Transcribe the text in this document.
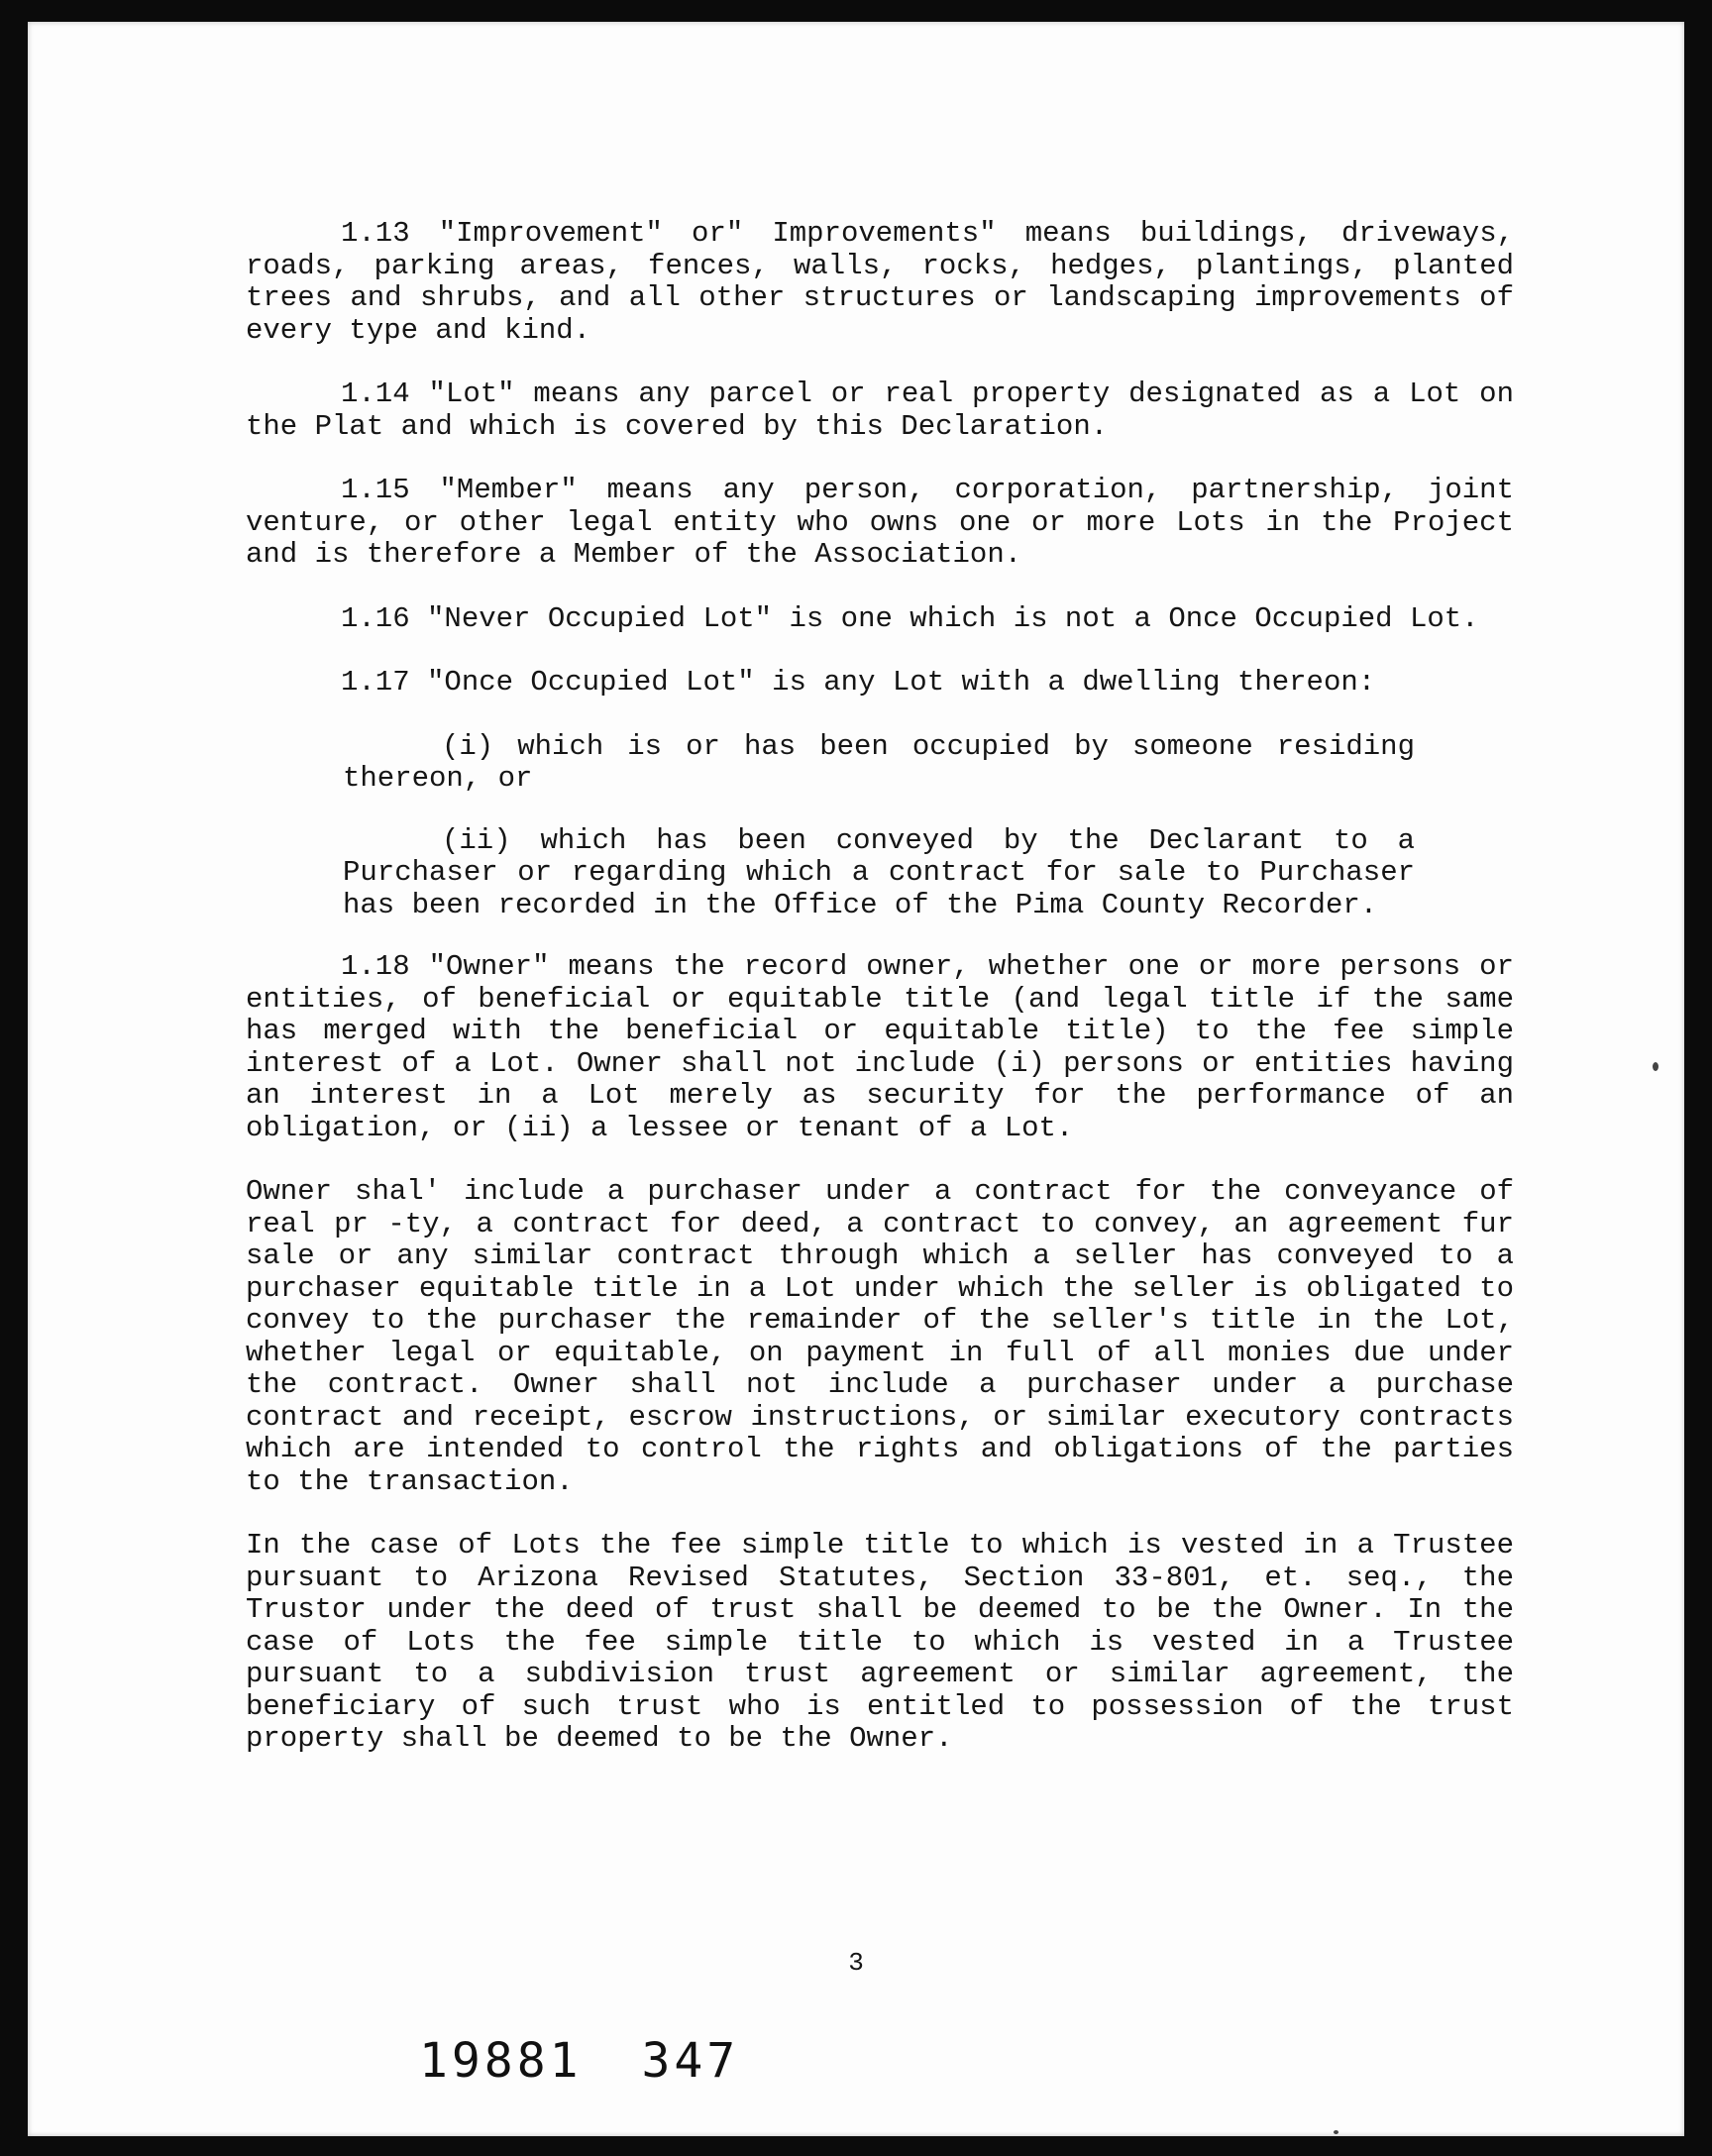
1.13 "Improvement" or" Improvements" means buildings, driveways, roads, parking areas, fences, walls, rocks, hedges, plantings, planted trees and shrubs, and all other structures or landscaping improvements of every type and kind.

1.14 "Lot" means any parcel or real property designated as a Lot on the Plat and which is covered by this Declaration.

1.15 "Member" means any person, corporation, partnership, joint venture, or other legal entity who owns one or more Lots in the Project and is therefore a Member of the Association.

1.16 "Never Occupied Lot" is one which is not a Once Occupied Lot.

1.17 "Once Occupied Lot" is any Lot with a dwelling thereon:

(i) which is or has been occupied by someone residing thereon, or

(ii) which has been conveyed by the Declarant to a Purchaser or regarding which a contract for sale to Purchaser has been recorded in the Office of the Pima County Recorder.

1.18 "Owner" means the record owner, whether one or more persons or entities, of beneficial or equitable title (and legal title if the same has merged with the beneficial or equitable title) to the fee simple interest of a Lot. Owner shall not include (i) persons or entities having an interest in a Lot merely as security for the performance of an obligation, or (ii) a lessee or tenant of a Lot.

Owner shal' include a purchaser under a contract for the conveyance of real pr -ty, a contract for deed, a contract to convey, an agreement fur sale or any similar contract through which a seller has conveyed to a purchaser equitable title in a Lot under which the seller is obligated to convey to the purchaser the remainder of the seller's title in the Lot, whether legal or equitable, on payment in full of all monies due under the contract. Owner shall not include a purchaser under a purchase contract and receipt, escrow instructions, or similar executory contracts which are intended to control the rights and obligations of the parties to the transaction.

In the case of Lots the fee simple title to which is vested in a Trustee pursuant to Arizona Revised Statutes, Section 33-801, et. seq., the Trustor under the deed of trust shall be deemed to be the Owner. In the case of Lots the fee simple title to which is vested in a Trustee pursuant to a subdivision trust agreement or similar agreement, the beneficiary of such trust who is entitled to possession of the trust property shall be deemed to be the Owner.

3
19881 347
